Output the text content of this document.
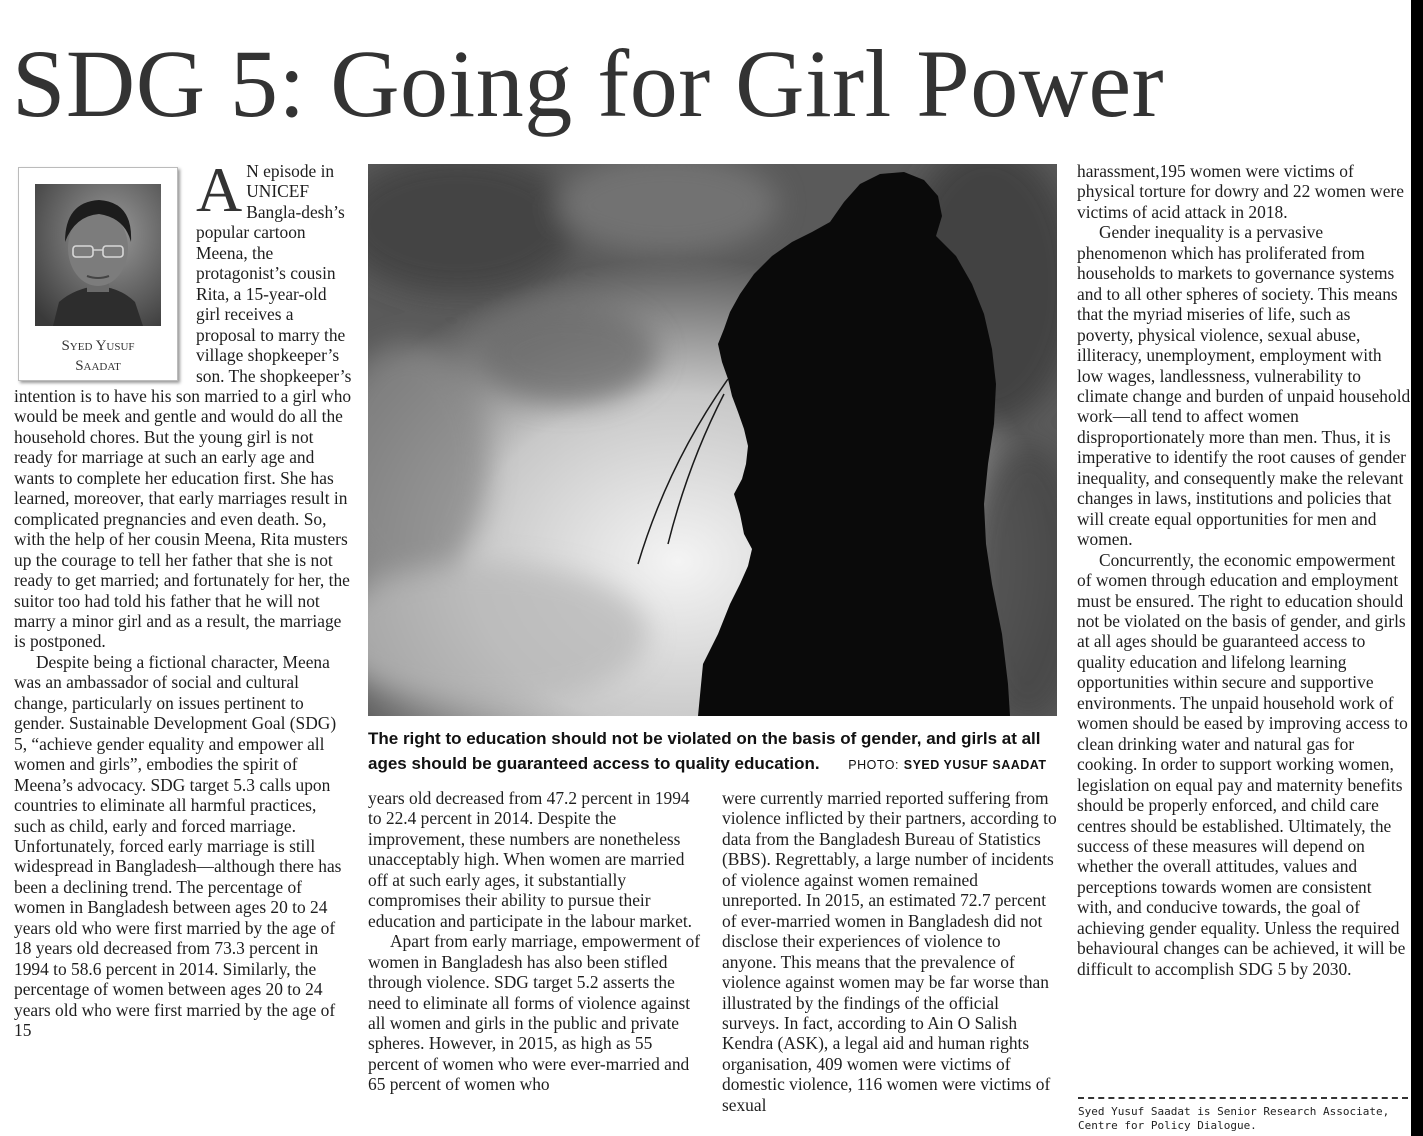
SDG 5: Going for Girl Power
Syed Yusuf
Saadat

A N episode in UNICEF Bangla-desh’s popular cartoon Meena, the protagonist’s cousin Rita, a 15-year-old girl receives a proposal to marry the village shopkeeper’s son. The shopkeeper’s intention is to have his son married to a girl who would be meek and gentle and would do all the household chores. But the young girl is not ready for marriage at such an early age and wants to complete her education first. She has learned, moreover, that early marriages result in complicated pregnancies and even death. So, with the help of her cousin Meena, Rita musters up the courage to tell her father that she is not ready to get married; and fortunately for her, the suitor too had told his father that he will not marry a minor girl and as a result, the marriage is postponed.

Despite being a fictional character, Meena was an ambassador of social and cultural change, particularly on issues pertinent to gender. Sustainable Development Goal (SDG) 5, “achieve gender equality and empower all women and girls”, embodies the spirit of Meena’s advocacy. SDG target 5.3 calls upon countries to eliminate all harmful practices, such as child, early and forced marriage. Unfortunately, forced early marriage is still widespread in Bangladesh—although there has been a declining trend. The percentage of women in Bangladesh between ages 20 to 24 years old who were first married by the age of 18 years old decreased from 73.3 percent in 1994 to 58.6 percent in 2014. Similarly, the percentage of women between ages 20 to 24 years old who were first married by the age of 15

The right to education should not be violated on the basis of gender, and girls at all ages should be guaranteed access to quality education. PHOTO: SYED YUSUF SAADAT

years old decreased from 47.2 percent in 1994 to 22.4 percent in 2014. Despite the improvement, these numbers are nonetheless unacceptably high. When women are married off at such early ages, it substantially compromises their ability to pursue their education and participate in the labour market.

Apart from early marriage, empowerment of women in Bangladesh has also been stifled through violence. SDG target 5.2 asserts the need to eliminate all forms of violence against all women and girls in the public and private spheres. However, in 2015, as high as 55 percent of women who were ever-married and 65 percent of women who

were currently married reported suffering from violence inflicted by their partners, according to data from the Bangladesh Bureau of Statistics (BBS). Regrettably, a large number of incidents of violence against women remained unreported. In 2015, an estimated 72.7 percent of ever-married women in Bangladesh did not disclose their experiences of violence to anyone. This means that the prevalence of violence against women may be far worse than illustrated by the findings of the official surveys. In fact, according to Ain O Salish Kendra (ASK), a legal aid and human rights organisation, 409 women were victims of domestic violence, 116 women were victims of sexual

harassment,195 women were victims of physical torture for dowry and 22 women were victims of acid attack in 2018.

Gender inequality is a pervasive phenomenon which has proliferated from households to markets to governance systems and to all other spheres of society. This means that the myriad miseries of life, such as poverty, physical violence, sexual abuse, illiteracy, unemployment, employment with low wages, landlessness, vulnerability to climate change and burden of unpaid household work—all tend to affect women disproportionately more than men. Thus, it is imperative to identify the root causes of gender inequality, and consequently make the relevant changes in laws, institutions and policies that will create equal opportunities for men and women.

Concurrently, the economic empowerment of women through education and employment must be ensured. The right to education should not be violated on the basis of gender, and girls at all ages should be guaranteed access to quality education and lifelong learning opportunities within secure and supportive environments. The unpaid household work of women should be eased by improving access to clean drinking water and natural gas for cooking. In order to support working women, legislation on equal pay and maternity benefits should be properly enforced, and child care centres should be established. Ultimately, the success of these measures will depend on whether the overall attitudes, values and perceptions towards women are consistent with, and conducive towards, the goal of achieving gender equality. Unless the required behavioural changes can be achieved, it will be difficult to accomplish SDG 5 by 2030.

Syed Yusuf Saadat is Senior Research Associate, Centre for Policy Dialogue.
